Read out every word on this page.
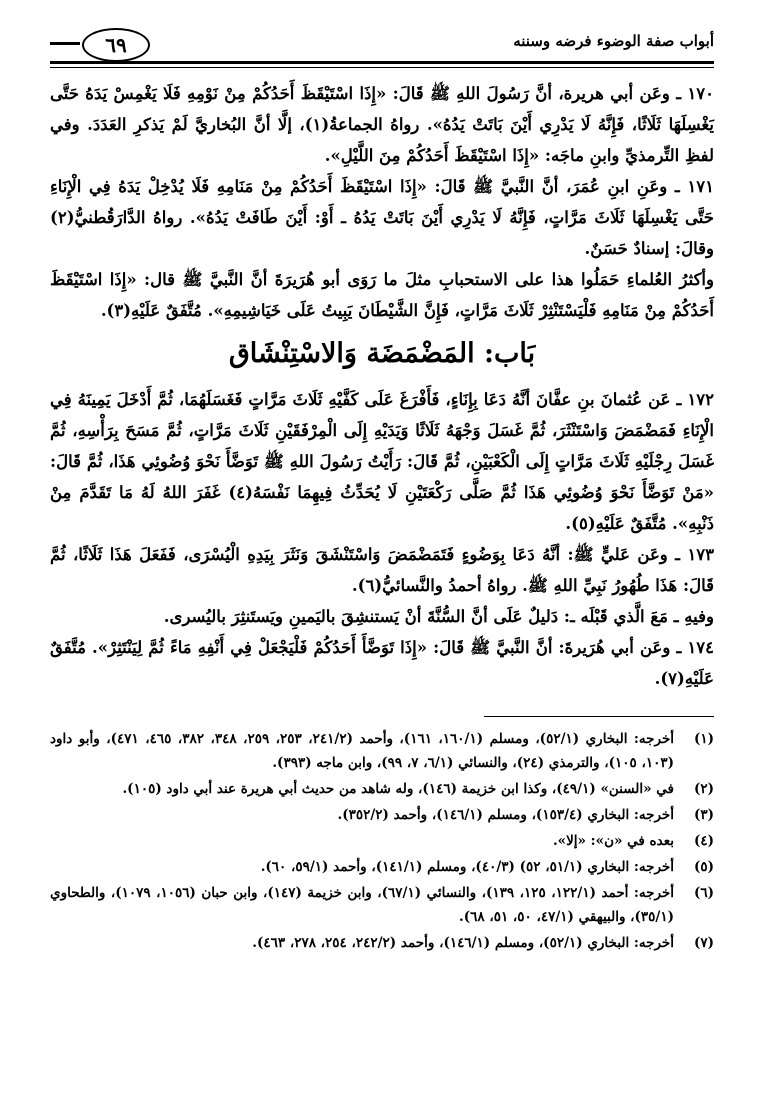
أبواب صفة الوضوء فرضه وسننه
٦٩

١٧٠ ـ وعَن أبي هريرة، أنَّ رَسُولَ اللهِ ﷺ قَالَ: «إِذَا اسْتَيْقَظَ أَحَدُكُمْ مِنْ نَوْمِهِ فَلَا يَغْمِسْ يَدَهُ حَتَّى يَغْسِلَهَا ثَلَاثًا، فَإِنَّهُ لَا يَدْرِي أَيْنَ بَاتَتْ يَدُهُ». رواهُ الجماعةُ(١)، إلَّا أنَّ البُخاريَّ لَمْ يَذكرِ العَدَدَ. وفي لفظِ التِّرمذيِّ وابنِ ماجَه: «إِذَا اسْتَيْقَظَ أَحَدُكُمْ مِنَ اللَّيْلِ».

١٧١ ـ وعَنِ ابنِ عُمَرَ، أنَّ النَّبيَّ ﷺ قَالَ: «إِذَا اسْتَيْقَظَ أَحَدُكُمْ مِنْ مَنَامِهِ فَلَا يُدْخِلْ يَدَهُ فِي الْإِنَاءِ حَتَّى يَغْسِلَهَا ثَلَاثَ مَرَّاتٍ، فَإِنَّهُ لَا يَدْرِي أَيْنَ بَاتَتْ يَدُهُ ـ أَوْ: أَيْنَ طَافَتْ يَدُهُ». رواهُ الدَّارَقُطنيُّ(٢) وقالَ: إسنادٌ حَسَنٌ.

وأكثرُ العُلماءِ حَمَلُوا هذا على الاستحبابِ مثلَ ما رَوَى أبو هُرَيرَةَ أنَّ النَّبيَّ ﷺ قال: «إِذَا اسْتَيْقَظَ أَحَدُكُمْ مِنْ مَنَامِهِ فَلْيَسْتَنْثِرْ ثَلَاثَ مَرَّاتٍ، فَإِنَّ الشَّيْطَانَ يَبِيتُ عَلَى خَيَاشِيمِهِ». مُتَّفَقٌ عَلَيْهِ(٣).

بَاب: المَضْمَضَة وَالاسْتِنْشَاق

١٧٢ ـ عَن عُثمانَ بنِ عفَّانَ أنَّهُ دَعَا بِإِنَاءٍ، فَأَفْرَغَ عَلَى كَفَّيْهِ ثَلَاثَ مَرَّاتٍ فَغَسَلَهُمَا، ثُمَّ أَدْخَلَ يَمِينَهُ فِي الْإِنَاءِ فَمَضْمَضَ وَاسْتَنْثَرَ، ثُمَّ غَسَلَ وَجْهَهُ ثَلَاثًا وَيَدَيْهِ إِلَى الْمِرْفَقَيْنِ ثَلَاثَ مَرَّاتٍ، ثُمَّ مَسَحَ بِرَأْسِهِ، ثُمَّ غَسَلَ رِجْلَيْهِ ثَلَاثَ مَرَّاتٍ إِلَى الْكَعْبَيْنِ، ثُمَّ قَالَ: رَأَيْتُ رَسُولَ اللهِ ﷺ تَوَضَّأَ نَحْوَ وُضُوئِي هَذَا، ثُمَّ قَالَ: «مَنْ تَوَضَّأَ نَحْوَ وُضُوئِي هَذَا ثُمَّ صَلَّى رَكْعَتَيْنِ لَا يُحَدِّثُ فِيهِمَا نَفْسَهُ(٤) غَفَرَ اللهُ لَهُ مَا تَقَدَّمَ مِنْ ذَنْبِهِ». مُتَّفَقٌ عَلَيْهِ(٥).

١٧٣ ـ وعَن عَليٍّ ﷺ: أنَّهُ دَعَا بِوَضُوءٍ فَتَمَضْمَضَ وَاسْتَنْشَقَ وَنَثَرَ بِيَدِهِ الْيُسْرَى، فَفَعَلَ هَذَا ثَلَاثًا، ثُمَّ قَالَ: هَذَا طُهُورُ نَبِيِّ اللهِ ﷺ. رواهُ أحمدُ والنَّسائيُّ(٦).

وفيهِ ـ مَعَ الَّذي قَبْلَه ـ: دَليلٌ عَلَى أنَّ السُّنَّةَ أنْ يَستنشِقَ باليَمينِ ويَستَنثِرَ باليُسرى.

١٧٤ ـ وعَن أبي هُرَيرةَ: أنَّ النَّبيَّ ﷺ قَالَ: «إِذَا تَوَضَّأَ أَحَدُكُمْ فَلْيَجْعَلْ فِي أَنْفِهِ مَاءً ثُمَّ لِيَنْتَثِرْ». مُتَّفَقٌ عَلَيْهِ(٧).

(١)
أخرجه: البخاري (٥٢/١)، ومسلم (١٦٠/١، ١٦١)، وأحمد (٢٤١/٢، ٢٥٣، ٢٥٩، ٣٤٨، ٣٨٢، ٤٦٥، ٤٧١)، وأبو داود (١٠٣، ١٠٥)، والترمذي (٢٤)، والنسائي (٦/١، ٧، ٩٩)، وابن ماجه (٣٩٣).
(٢)
في «السنن» (٤٩/١)، وكذا ابن خزيمة (١٤٦)، وله شاهد من حديث أبي هريرة عند أبي داود (١٠٥).
(٣)
أخرجه: البخاري (١٥٣/٤)، ومسلم (١٤٦/١)، وأحمد (٣٥٢/٢).
(٤)
بعده في «ن»: «إلا».
(٥)
أخرجه: البخاري (٥١/١، ٥٢) (٤٠/٣)، ومسلم (١٤١/١)، وأحمد (٥٩/١، ٦٠).
(٦)
أخرجه: أحمد (١٢٢/١، ١٢٥، ١٣٩)، والنسائي (٦٧/١)، وابن خزيمة (١٤٧)، وابن حبان (١٠٥٦، ١٠٧٩)، والطحاوي (٣٥/١)، والبيهقي (٤٧/١، ٥٠، ٥١، ٦٨).
(٧)
أخرجه: البخاري (٥٢/١)، ومسلم (١٤٦/١)، وأحمد (٢٤٢/٢، ٢٥٤، ٢٧٨، ٤٦٣).
